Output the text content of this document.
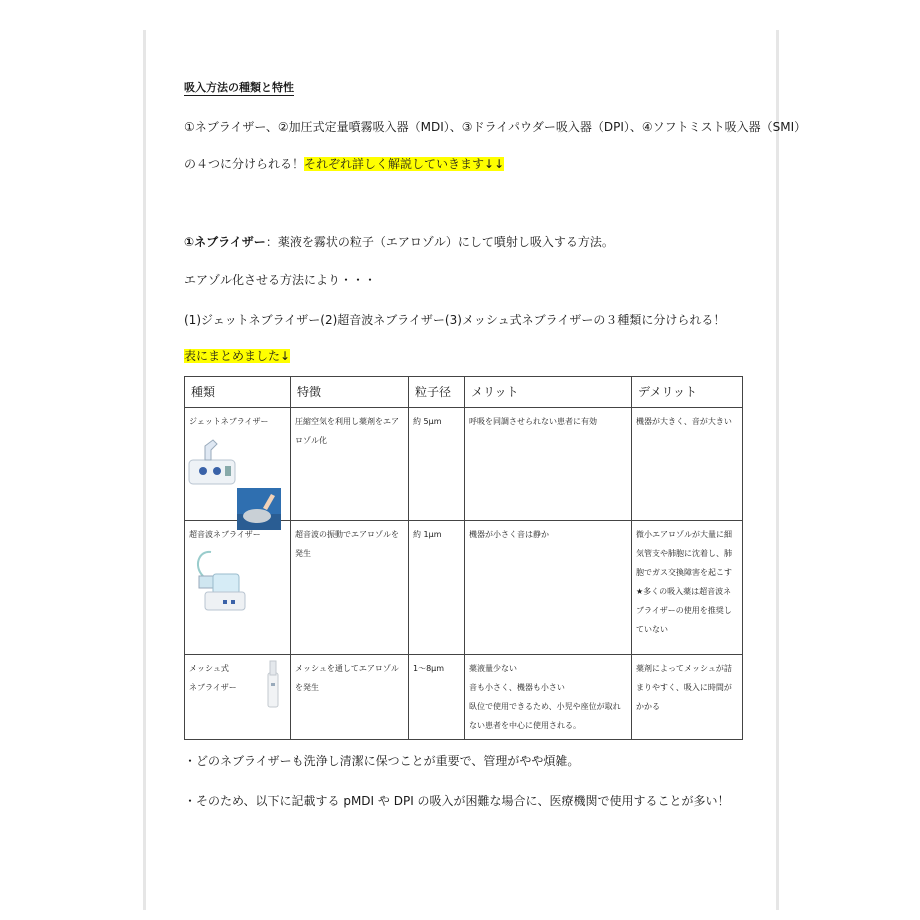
吸入方法の種類と特性
①ネブライザー、②加圧式定量噴霧吸入器（MDI）、③ドライパウダー吸入器（DPI）、④ソフトミスト吸入器（SMI）
の４つに分けられる！それぞれ詳しく解説していきます↓↓
①ネブライザー：薬液を霧状の粒子（エアロゾル）にして噴射し吸入する方法。
エアゾル化させる方法により・・・
(1)ジェットネブライザー(2)超音波ネブライザー(3)メッシュ式ネブライザーの３種類に分けられる！
表にまとめました↓
種類	特徴	粒子径	メリット	デメリット
ジェットネブライザー	圧縮空気を利用し薬剤をエアロゾル化	約 5μm	呼吸を同調させられない患者に有効	機器が大きく、音が大きい
超音波ネブライザー	超音波の振動でエアロゾルを発生	約 1μm	機器が小さく音は静か	微小エアロゾルが大量に細気管支や肺胞に沈着し、肺胞でガス交換障害を起こす
★多くの吸入薬は超音波ネブライザーの使用を推奨していない
メッシュ式
ネブライザー	メッシュを通してエアロゾルを発生	1～8μm	薬液量少ない
音も小さく、機器も小さい
臥位で使用できるため、小児や座位が取れない患者を中心に使用される。	薬剤によってメッシュが詰まりやすく、吸入に時間がかかる
・どのネブライザーも洗浄し清潔に保つことが重要で、管理がやや煩雑。
・そのため、以下に記載する pMDI や DPI の吸入が困難な場合に、医療機関で使用することが多い！
